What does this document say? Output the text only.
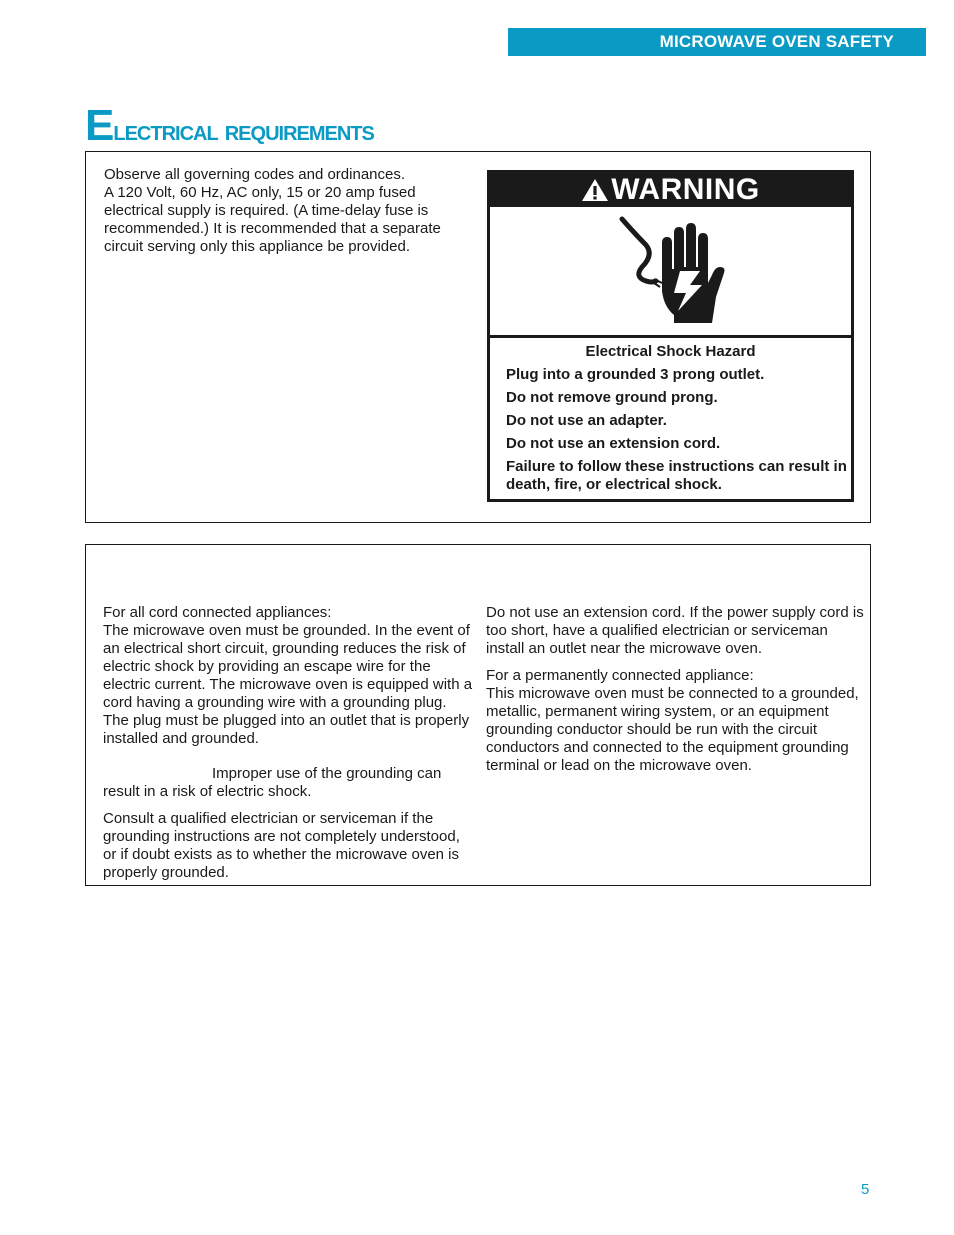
MICROWAVE OVEN SAFETY
Electrical requirements
Observe all governing codes and ordinances.
A 120 Volt, 60 Hz, AC only, 15 or 20 amp fused electrical supply is required. (A time-delay fuse is recommended.) It is recommended that a separate circuit serving only this appliance be provided.
WARNING

Electrical Shock Hazard

Plug into a grounded 3 prong outlet.

Do not remove ground prong.

Do not use an adapter.

Do not use an extension cord.

Failure to follow these instructions can result in death, fire, or electrical shock.

For all cord connected appliances:
The microwave oven must be grounded. In the event of an electrical short circuit, grounding reduces the risk of electric shock by providing an escape wire for the electric current. The microwave oven is equipped with a cord having a grounding wire with a grounding plug. The plug must be plugged into an outlet that is properly installed and grounded.

Improper use of the grounding can
result in a risk of electric shock.

Consult a qualified electrician or serviceman if the grounding instructions are not completely understood, or if doubt exists as to whether the microwave oven is properly grounded.

Do not use an extension cord. If the power supply cord is too short, have a qualified electrician or serviceman install an outlet near the microwave oven.

For a permanently connected appliance:
This microwave oven must be connected to a grounded, metallic, permanent wiring system, or an equipment grounding conductor should be run with the circuit conductors and connected to the equipment grounding terminal or lead on the microwave oven.

5
